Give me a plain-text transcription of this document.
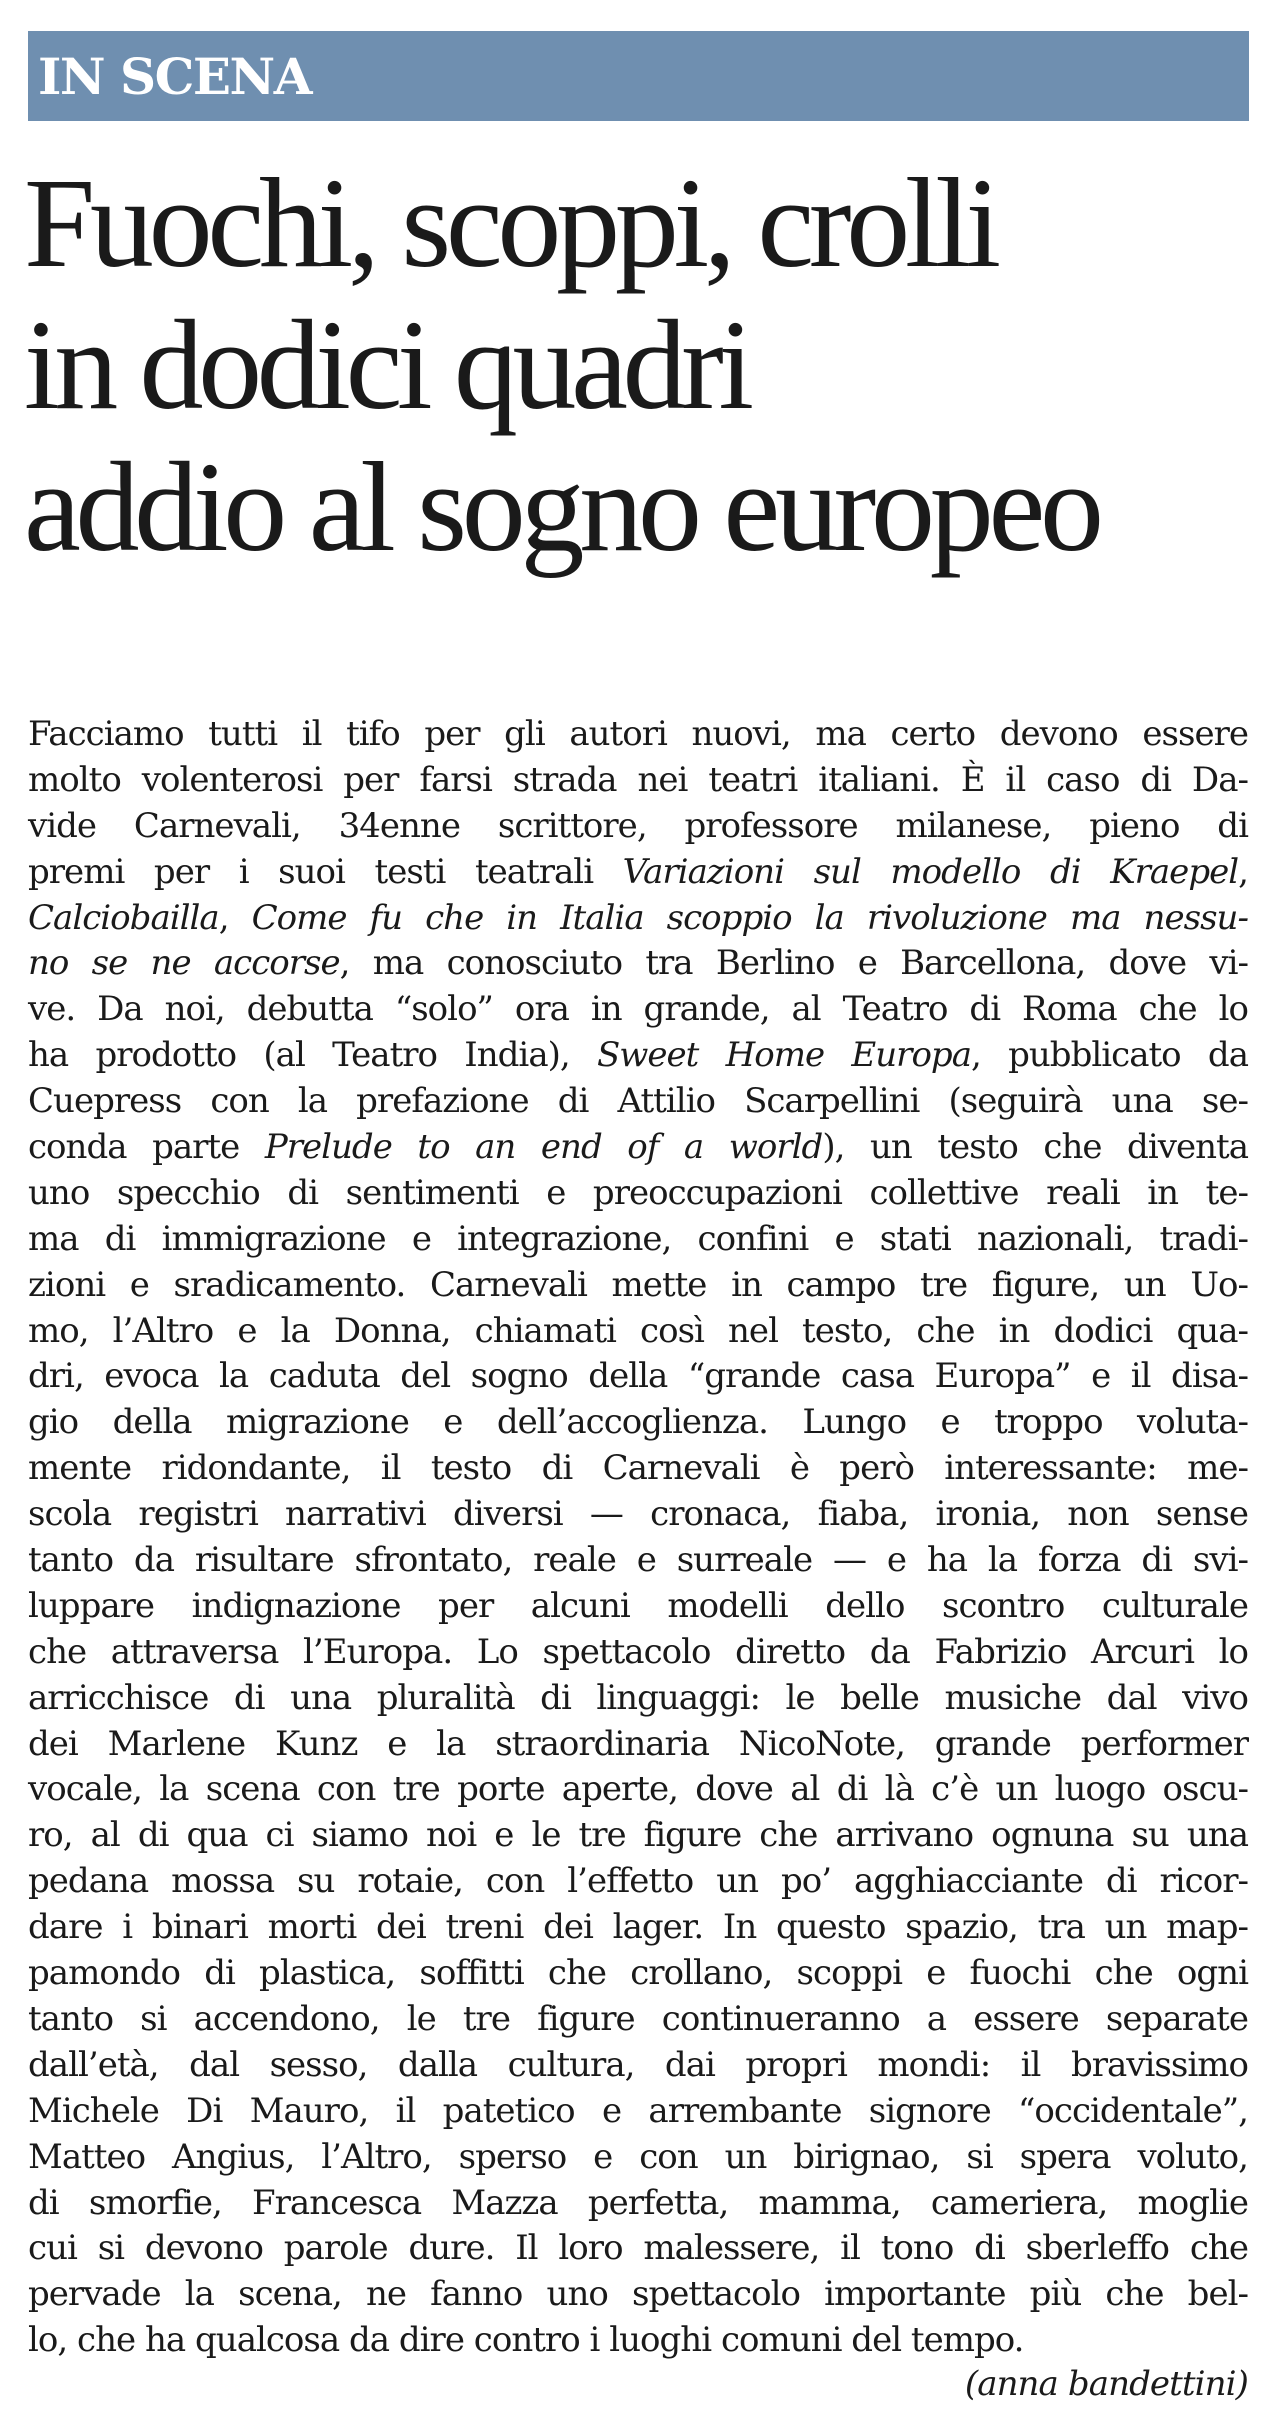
IN SCENA
Fuochi, scoppi, crolli
in dodici quadri
addio al sogno europeo
Facciamo tutti il tifo per gli autori nuovi, ma certo devono essere
molto volenterosi per farsi strada nei teatri italiani. È il caso di Da-
vide Carnevali, 34enne scrittore, professore milanese, pieno di
premi per i suoi testi teatrali Variazioni sul modello di Kraepel,
Calciobailla, Come fu che in Italia scoppio la rivoluzione ma nessu-
no se ne accorse, ma conosciuto tra Berlino e Barcellona, dove vi-
ve. Da noi, debutta “solo” ora in grande, al Teatro di Roma che lo
ha prodotto (al Teatro India), Sweet Home Europa, pubblicato da
Cuepress con la prefazione di Attilio Scarpellini (seguirà una se-
conda parte Prelude to an end of a world), un testo che diventa
uno specchio di sentimenti e preoccupazioni collettive reali in te-
ma di immigrazione e integrazione, confini e stati nazionali, tradi-
zioni e sradicamento. Carnevali mette in campo tre figure, un Uo-
mo, l’Altro e la Donna, chiamati così nel testo, che in dodici qua-
dri, evoca la caduta del sogno della “grande casa Europa” e il disa-
gio della migrazione e dell’accoglienza. Lungo e troppo voluta-
mente ridondante, il testo di Carnevali è però interessante: me-
scola registri narrativi diversi — cronaca, fiaba, ironia, non sense
tanto da risultare sfrontato, reale e surreale — e ha la forza di svi-
luppare indignazione per alcuni modelli dello scontro culturale
che attraversa l’Europa. Lo spettacolo diretto da Fabrizio Arcuri lo
arricchisce di una pluralità di linguaggi: le belle musiche dal vivo
dei Marlene Kunz e la straordinaria NicoNote, grande performer
vocale, la scena con tre porte aperte, dove al di là c’è un luogo oscu-
ro, al di qua ci siamo noi e le tre figure che arrivano ognuna su una
pedana mossa su rotaie, con l’effetto un po’ agghiacciante di ricor-
dare i binari morti dei treni dei lager. In questo spazio, tra un map-
pamondo di plastica, soffitti che crollano, scoppi e fuochi che ogni
tanto si accendono, le tre figure continueranno a essere separate
dall’età, dal sesso, dalla cultura, dai propri mondi: il bravissimo
Michele Di Mauro, il patetico e arrembante signore “occidentale”,
Matteo Angius, l’Altro, sperso e con un birignao, si spera voluto,
di smorfie, Francesca Mazza perfetta, mamma, cameriera, moglie
cui si devono parole dure. Il loro malessere, il tono di sberleffo che
pervade la scena, ne fanno uno spettacolo importante più che bel-
lo, che ha qualcosa da dire contro i luoghi comuni del tempo.

(anna bandettini)
